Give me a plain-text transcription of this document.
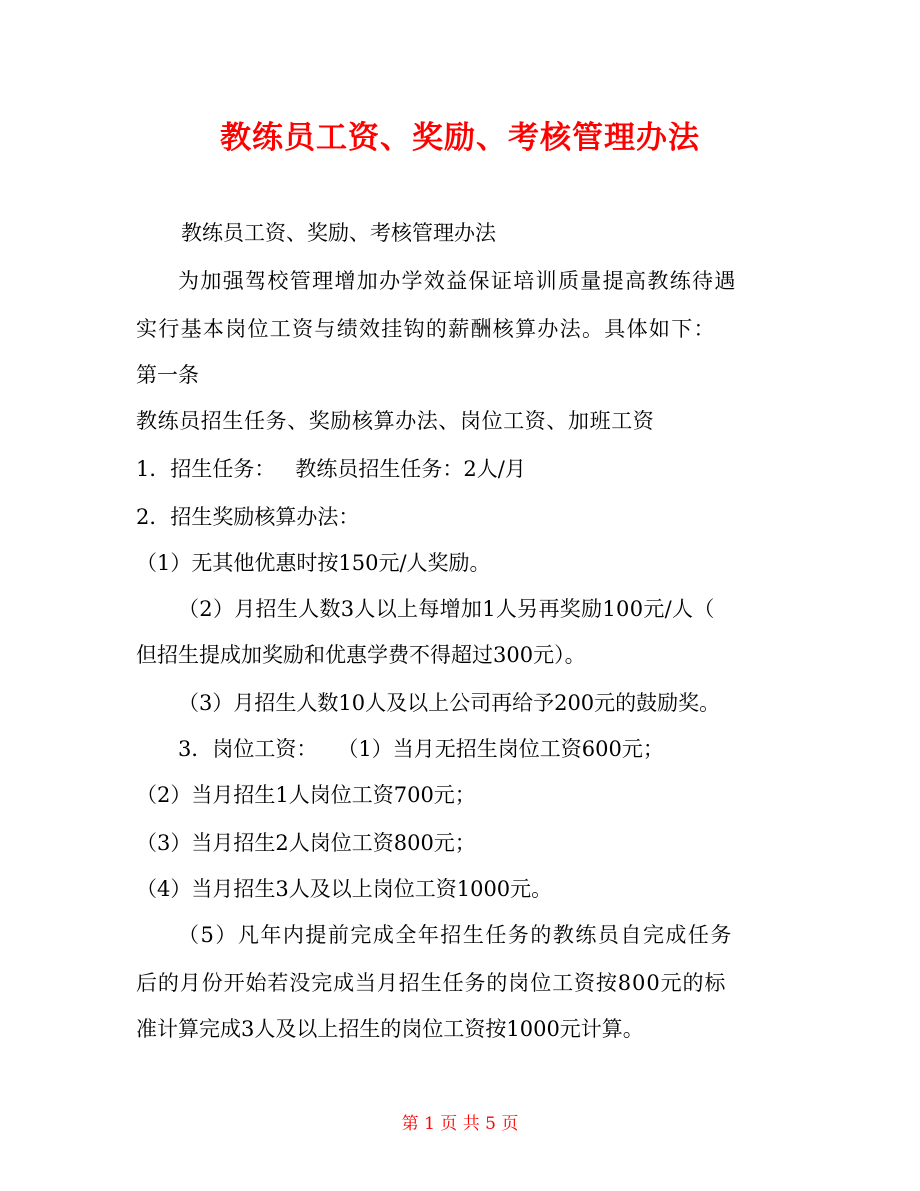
教练员工资、奖励、考核管理办法
教练员工资、奖励、考核管理办法
为加强驾校管理增加办学效益保证培训质量提高教练待遇
实行基本岗位工资与绩效挂钩的薪酬核算办法。具体如下：
第一条
教练员招生任务、奖励核算办法、岗位工资、加班工资
1．招生任务：   教练员招生任务：2人/月
2．招生奖励核算办法：
（1）无其他优惠时按150元/人奖励。
（2）月招生人数3人以上每增加1人另再奖励100元/人（
但招生提成加奖励和优惠学费不得超过300元）。
（3）月招生人数10人及以上公司再给予200元的鼓励奖。
3．岗位工资：   （1）当月无招生岗位工资600元；
（2）当月招生1人岗位工资700元；
（3）当月招生2人岗位工资800元；
（4）当月招生3人及以上岗位工资1000元。
（5）凡年内提前完成全年招生任务的教练员自完成任务
后的月份开始若没完成当月招生任务的岗位工资按800元的标
准计算完成3人及以上招生的岗位工资按1000元计算。
第 1 页 共 5 页
